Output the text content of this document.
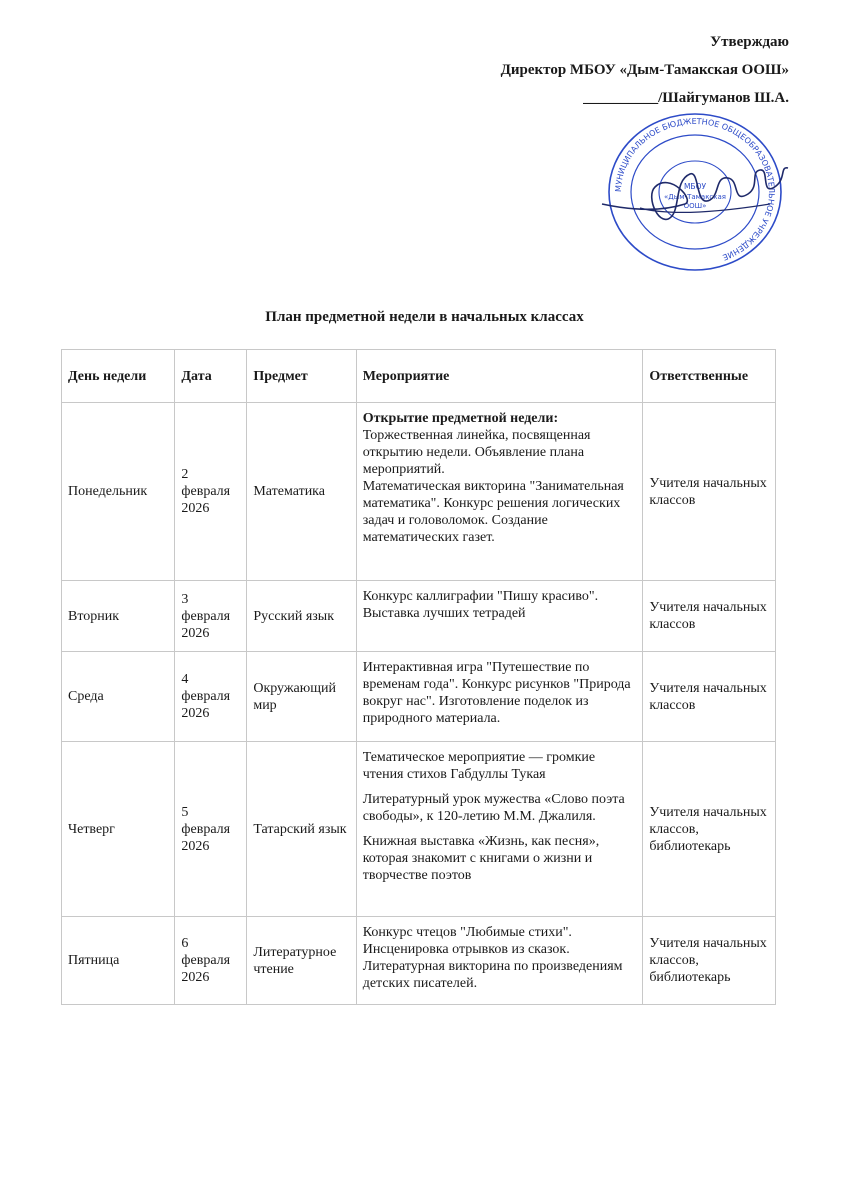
Утверждаю
Директор МБОУ «Дым-Тамакская ООШ»
__________/Шайгуманов Ш.А.
МУНИЦИПАЛЬНОЕ БЮДЖЕТНОЕ ОБЩЕОБРАЗОВАТЕЛЬНОЕ УЧРЕЖДЕНИЕ
МБОУ
«Дым-Тамакская
ООШ»
План предметной недели в начальных классах
День недели	Дата	Предмет	Мероприятие	Ответственные
Понедельник	2 февраля 2026	Математика	Открытие предметной недели:
Торжественная линейка, посвященная открытию недели. Объявление плана мероприятий.
Математическая викторина "Занимательная математика". Конкурс решения логических задач и головоломок. Создание математических газет.	Учителя начальных классов
Вторник	3 февраля 2026	Русский язык	Конкурс каллиграфии "Пишу красиво". Выставка лучших тетрадей	Учителя начальных классов
Среда	4 февраля 2026	Окружающий мир	Интерактивная игра "Путешествие по временам года". Конкурс рисунков "Природа вокруг нас". Изготовление поделок из природного материала.	Учителя начальных классов
Четверг	5 февраля 2026	Татарский язык	Тематическое мероприятие — громкие чтения стихов Габдуллы Тукая
Литературный урок мужества «Слово поэта свободы», к 120-летию М.М. Джалиля.
Книжная выставка «Жизнь, как песня», которая знакомит с книгами о жизни и творчестве поэтов	Учителя начальных классов, библиотекарь
Пятница	6 февраля 2026	Литературное чтение	Конкурс чтецов "Любимые стихи". Инсценировка отрывков из сказок. Литературная викторина по произведениям детских писателей.	Учителя начальных классов, библиотекарь
